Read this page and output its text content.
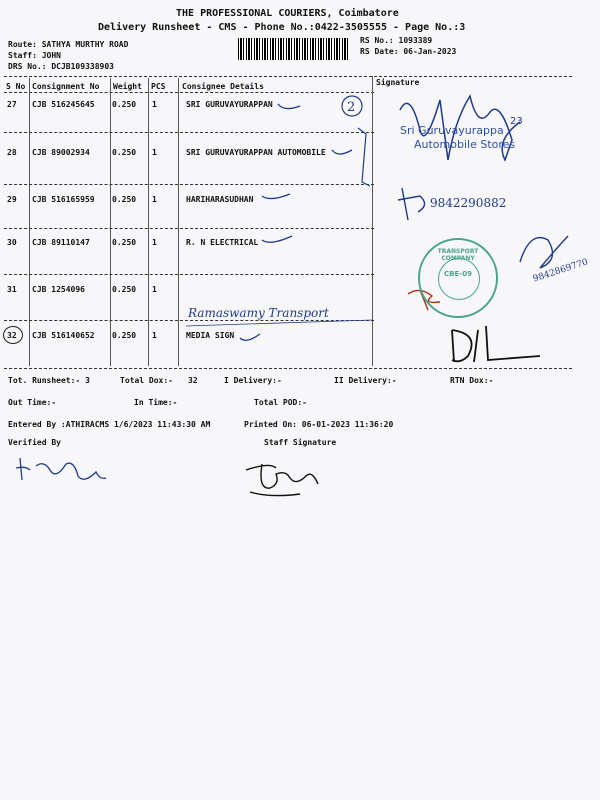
THE PROFESSIONAL COURIERS, Coimbatore
Delivery Runsheet - CMS - Phone No.:0422-3505555 - Page No.:3
Route: SATHYA MURTHY ROAD
Staff: JOHN
DRS No.: DCJB109338903
RS No.: 1093389
RS Date: 06-Jan-2023
S No Consignment No Weight PCS Consignee Details	Signature
27 CJB 516245645 0.250 1	SRI GURUVAYURAPPAN
28 CJB 89002934	0.250 1	SRI GURUVAYURAPPAN AUTOMOBILE
29 CJB 516165959 0.250 1	HARIHARASUDHAN
30 CJB 89110147	0.250 1	R. N ELECTRICAL
31 CJB 1254096	0.250 1
32 CJB 516140652 0.250 1	MEDIA SIGN
2
23
Sri Guruvayurappa
Automobile Stores
9842290882
9842869770
Ramaswamy Transport
TRANSPORT COMPANY
CBE-09
Tot. Runsheet:- 3	Total Dox:- 32	I Delivery:-	II Delivery:-	RTN Dox:-
Out Time:-	In Time:-	Total POD:-
Entered By :ATHIRACMS 1/6/2023 11:43:30 AM	Printed On: 06-01-2023 11:36:20
Verified By	Staff Signature
